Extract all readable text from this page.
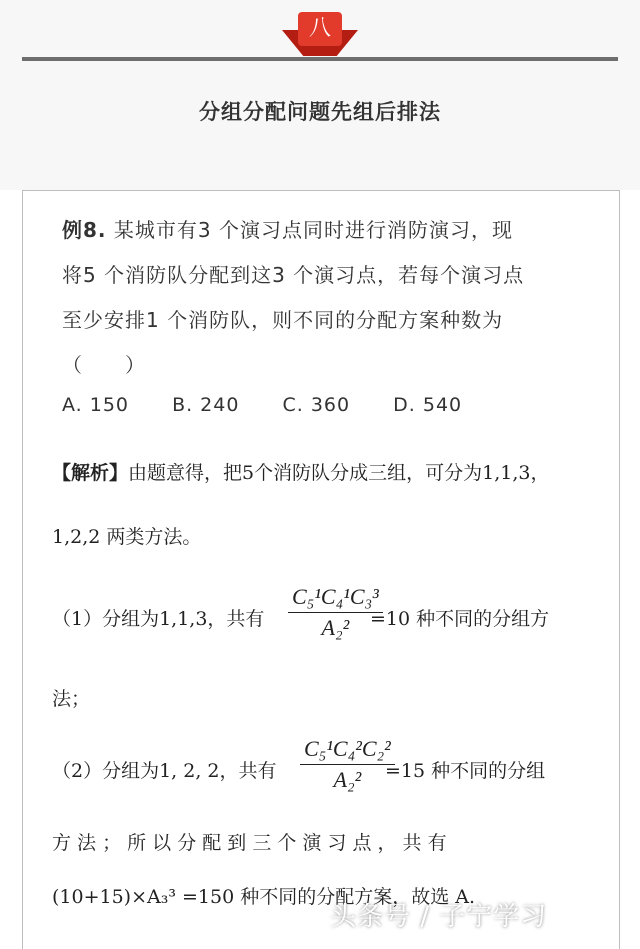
八
分组分配问题先组后排法
例8. 某城市有3 个演习点同时进行消防演习，现
将5 个消防队分配到这3 个演习点，若每个演习点
至少安排1 个消防队，则不同的分配方案种数为
（　　）
A. 150 B. 240 C. 360 D. 540
【解析】由题意得，把5个消防队分成三组，可分为1,1,3，
1,2,2 两类方法。
（1）分组为1,1,3，共有 $\frac{\text{C₅¹C₄¹C₃³}}{\text{A₂²}}$
=10 种不同的分组方
法；
（2）分组为1, 2, 2，共有 $\frac{\text{C₅¹C₄²C₂²}}{\text{A₂²}}$
=15 种不同的分组
方 法 ； 所 以 分 配 到 三 个 演 习 点 ， 共 有
(10+15)×A₃³ =150 种不同的分配方案，故选 A.
头条号 / 子宁学习
